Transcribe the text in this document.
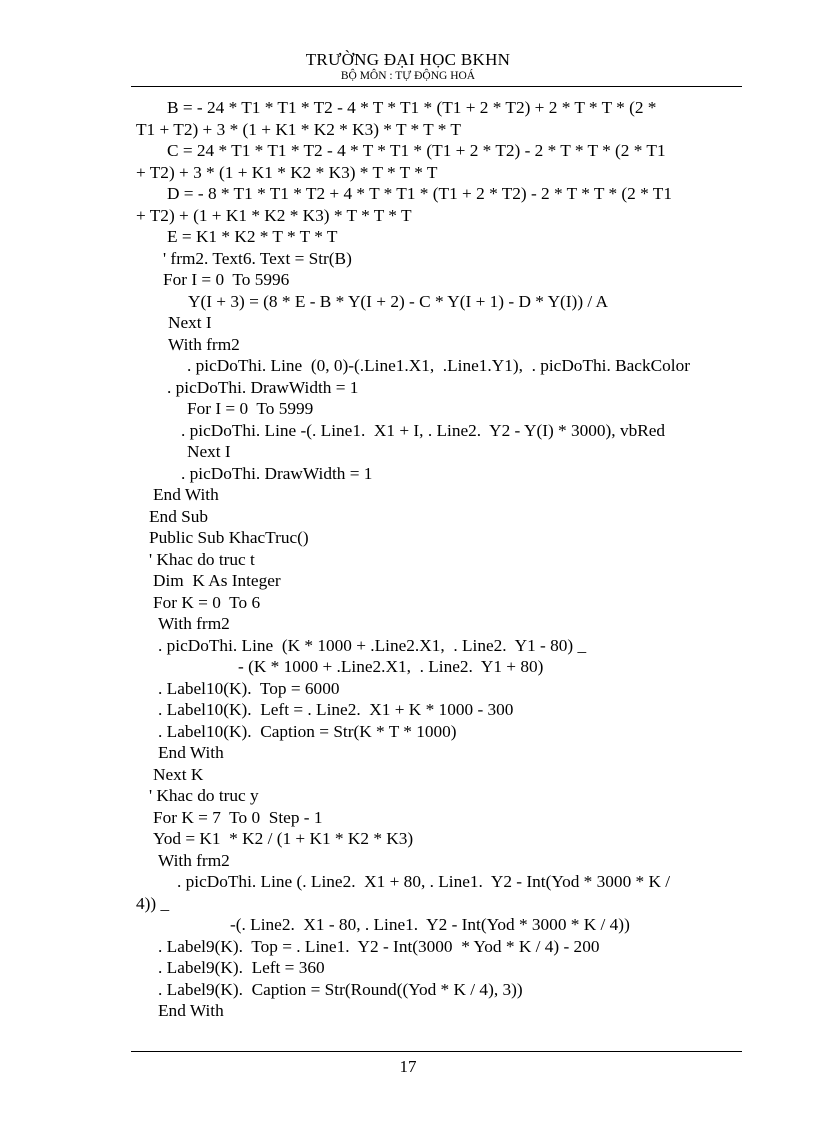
TRƯỜNG ĐẠI HỌC BKHN
BỘ MÔN : TỰ ĐỘNG HOÁ
B = - 24 * T1 * T1 * T2 - 4 * T * T1 * (T1 + 2 * T2) + 2 * T * T * (2 *
T1 + T2) + 3 * (1 + K1 * K2 * K3) * T * T * T
C = 24 * T1 * T1 * T2 - 4 * T * T1 * (T1 + 2 * T2) - 2 * T * T * (2 * T1
+ T2) + 3 * (1 + K1 * K2 * K3) * T * T * T
D = - 8 * T1 * T1 * T2 + 4 * T * T1 * (T1 + 2 * T2) - 2 * T * T * (2 * T1
+ T2) + (1 + K1 * K2 * K3) * T * T * T
E = K1 * K2 * T * T * T
' frm2. Text6. Text = Str(B)
For I = 0  To 5996
Y(I + 3) = (8 * E - B * Y(I + 2) - C * Y(I + 1) - D * Y(I)) / A
Next I
With frm2
. picDoThi. Line  (0, 0)-(.Line1.X1,  .Line1.Y1),  . picDoThi. BackColor
. picDoThi. DrawWidth = 1
For I = 0  To 5999
. picDoThi. Line -(. Line1.  X1 + I, . Line2.  Y2 - Y(I) * 3000), vbRed
Next I
. picDoThi. DrawWidth = 1
End With
End Sub
Public Sub KhacTruc()
' Khac do truc t
Dim  K As Integer
For K = 0  To 6
With frm2
. picDoThi. Line  (K * 1000 + .Line2.X1,  . Line2.  Y1 - 80) _
- (K * 1000 + .Line2.X1,  . Line2.  Y1 + 80)
. Label10(K).  Top = 6000
. Label10(K).  Left = . Line2.  X1 + K * 1000 - 300
. Label10(K).  Caption = Str(K * T * 1000)
End With
Next K
' Khac do truc y
For K = 7  To 0  Step - 1
Yod = K1  * K2 / (1 + K1 * K2 * K3)
With frm2
. picDoThi. Line (. Line2.  X1 + 80, . Line1.  Y2 - Int(Yod * 3000 * K /
4)) _
-(. Line2.  X1 - 80, . Line1.  Y2 - Int(Yod * 3000 * K / 4))
. Label9(K).  Top = . Line1.  Y2 - Int(3000  * Yod * K / 4) - 200
. Label9(K).  Left = 360
. Label9(K).  Caption = Str(Round((Yod * K / 4), 3))
End With
17
